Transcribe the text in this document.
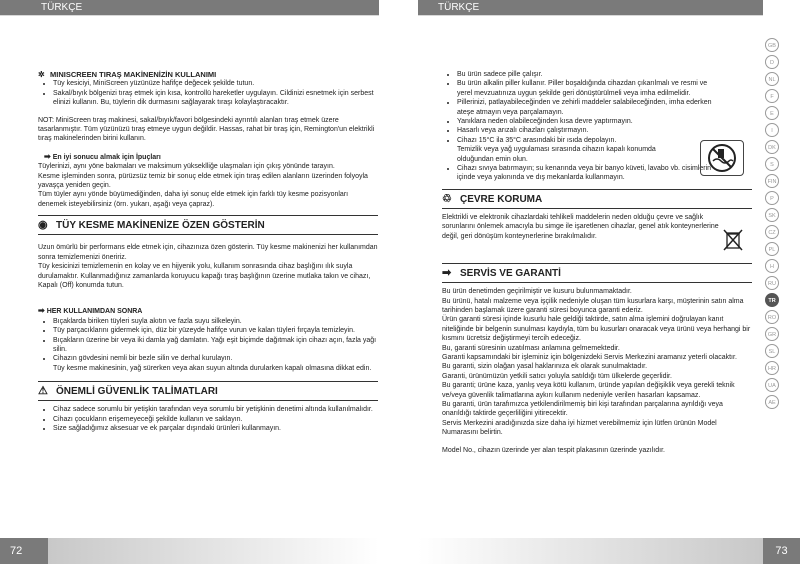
TÜRKÇE	TÜRKÇE
✲ MINISCREEN TIRAŞ MAKİNENİZİN KULLANIMI
• Tüy kesiciyi, MiniScreen yüzünüze hafifçe değecek şekilde tutun.
• Sakal/bıyık bölgenizi tıraş etmek için kısa, kontrollü hareketler uygulayın. Cildinizi esnetmek için serbest elinizi kullanın. Bu, tüylerin dik durmasını sağlayarak tıraşı kolaylaştıracaktır.

NOT: MiniScreen tıraş makinesi, sakal/bıyık/favori bölgesindeki ayrıntılı alanları tıraş etmek üzere tasarlanmıştır. Tüm yüzünüzü tıraş etmeye uygun değildir. Hassas, rahat bir tıraş için, Remington'un elektrikli tıraş makinelerinden birini kullanın.

➡ En iyi sonucu almak için İpuçları

Tüylerinizi, aynı yöne bakmaları ve maksimum yükseklliğe ulaşmaları için çıkış yönünde tarayın.
Kesme işleminden sonra, pürüzsüz temiz bir sonuç elde etmek için tıraş edilen alanların üzerinden folyoyla yavaşça yeniden geçin.
Tüm tüyler aynı yönde büyümediğinden, daha iyi sonuç elde etmek için farklı tüy kesme pozisyonları denemek isteyebilirsiniz (örn. yukarı, aşağı veya çapraz).

◉ TÜY KESME MAKİNENİZE ÖZEN GÖSTERİN

Uzun ömürlü bir performans elde etmek için, cihazınıza özen gösterin. Tüy kesme makinenizi her kullanımdan sonra temizlemenizi öneririz.
Tüy kesicinizi temizlemenin en kolay ve en hijyenik yolu, kullanım sonrasında cihaz başlığını ılık suyla durulamaktır. Kullanmadığınız zamanlarda koruyucu kapağı tıraş başlığının üzerine mutlaka takın ve cihazı, Kapalı (Off) konumda tutun.

➡ HER KULLANIMDAN SONRA
• Bıçaklarda biriken tüyleri suyla akıtın ve fazla suyu silkeleyin.
• Tüy parçacıklarını gidermek için, düz bir yüzeyde hafifçe vurun ve kalan tüyleri fırçayla temizleyin.
• Bıçakların üzerine bir veya iki damla yağ damlatın. Yağı eşit biçimde dağıtmak için cihazı açın, fazla yağı silin.
• Cihazın gövdesini nemli bir bezle silin ve derhal kurulayın.

Tüy kesme makinesinin, yağ sürerken veya akan suyun altında durularken kapalı olmasına dikkat edin.

⚠ ÖNEMLİ GÜVENLİK TALİMATLARI
• Cihaz sadece sorumlu bir yetişkin tarafından veya sorumlu bir yetişkinin denetimi altında kullanılmalıdır.
• Cihazı çocukların erişemeyeceği şekilde kullanın ve saklayın.
• Size sağladığımız aksesuar ve ek parçalar dışındaki ürünleri kullanmayın.
• Bu ürün sadece pille çalışır.
• Bu ürün alkalin piller kullanır. Piller boşaldığında cihazdan çıkarılmalı ve resmi ve yerel mevzuatınıza uygun şekilde geri dönüştürülmeli veya imha edilmelidir.
• Pillerinizi, patlayabileceğinden ve zehirli maddeler salabileceğinden, imha ederken ateşe atmayın veya parçalamayın.
• Yanıklara neden olabileceğinden kısa devre yaptırmayın.
• Hasarlı veya arızalı cihazları çalıştırmayın.
• Cihazı 15°C ila 35°C arasındaki bir ısıda depolayın.

Temizlik veya yağ uygulaması sırasında cihazın kapalı konumda olduğundan emin olun.

• Cihazı sıvıya batırmayın; su kenarında veya bir banyo küveti, lavabo vb. cisimlerin içinde veya yakınında ve dış mekanlarda kullanmayın.
♲ ÇEVRE KORUMA

Elektrikli ve elektronik cihazlardaki tehlikeli maddelerin neden olduğu çevre ve sağlık sorunlarını önlemek amacıyla bu simge ile işaretlenen cihazlar, genel atık konteynerlerine değil, geri dönüşüm konteynerlerine bırakılmalıdır.

➡ SERVİS VE GARANTİ

Bu ürün denetimden geçirilmiştir ve kusuru bulunmamaktadır.
Bu ürünü, hatalı malzeme veya işçilik nedeniyle oluşan tüm kusurlara karşı, müşterinin satın alma tarihinden başlamak üzere garanti süresi boyunca garanti ederiz.
Ürün garanti süresi içinde kusurlu hale geldiği taktirde, satın alma işlemini doğrulayan kanıt niteliğinde bir belgenin sunulması kaydıyla, tüm bu kusurları onaracak veya ürünü veya herhangi bir kısmını ücretsiz değiştirmeyi tercih edeceğiz.
Bu, garanti süresinin uzatılması anlamına gelmemektedir.
Garanti kapsamındaki bir işleminiz için bölgenizdeki Servis Merkezini aramanız yeterli olacaktır.
Bu garanti, sizin olağan yasal haklarınıza ek olarak sunulmaktadır.
Garanti, ürünümüzün yetkili satıcı yoluyla satıldığı tüm ülkelerde geçerlidir.
Bu garanti; ürüne kaza, yanlış veya kötü kullanım, üründe yapılan değişiklik veya gerekli teknik ve/veya güvenlik talimatlarına aykırı kullanım nedeniyle verilen hasarları kapsamaz.
Bu garanti, ürün tarafımızca yetkilendirilmemiş biri kişi tarafından parçalarına ayrıldığı veya onarıldığı taktirde geçerliliğini yitirecektir.
Servis Merkezini aradığınızda size daha iyi hizmet verebilmemiz için lütfen ürünün Model Numarasını belirtin.

Model No., cihazın üzerinde yer alan tespit plakasının üzerinde yazılıdır.

GB
D
NL
F
E
I
DK
S
FIN
P
SK
CZ
PL
H
RU
TR
RO
GR
SL
HR
UA
AE
72	73
